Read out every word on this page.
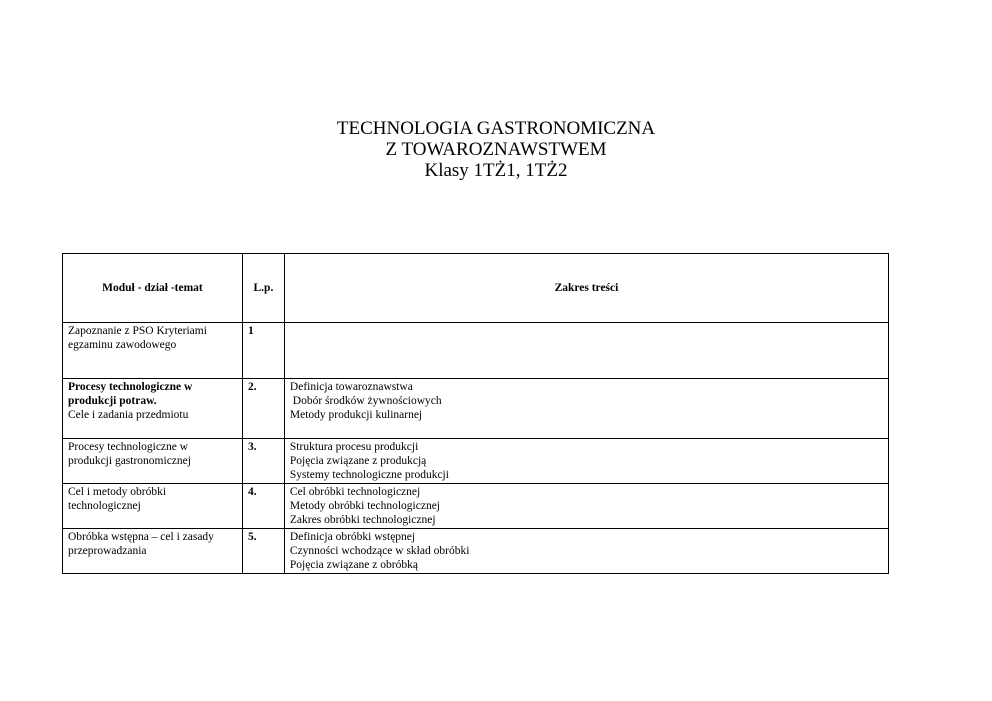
TECHNOLOGIA GASTRONOMICZNA
Z TOWAROZNAWSTWEM
Klasy 1TŻ1, 1TŻ2
Moduł - dział -temat	L.p.	Zakres treści

Zapoznanie z PSO Kryteriami
egzaminu zawodowego	1	

Procesy technologiczne w
produkcji potraw.
Cele i zadania przedmiotu	2.	Definicja towaroznawstwa
Dobór środków żywnościowych
Metody produkcji kulinarnej

Procesy technologiczne w
produkcji gastronomicznej	3.	Struktura procesu produkcji
Pojęcia związane z produkcją
Systemy technologiczne produkcji

Cel i metody obróbki
technologicznej	4.	Cel obróbki technologicznej
Metody obróbki technologicznej
Zakres obróbki technologicznej

Obróbka wstępna – cel i zasady
przeprowadzania	5.	Definicja obróbki wstępnej
Czynności wchodzące w skład obróbki
Pojęcia związane z obróbką
